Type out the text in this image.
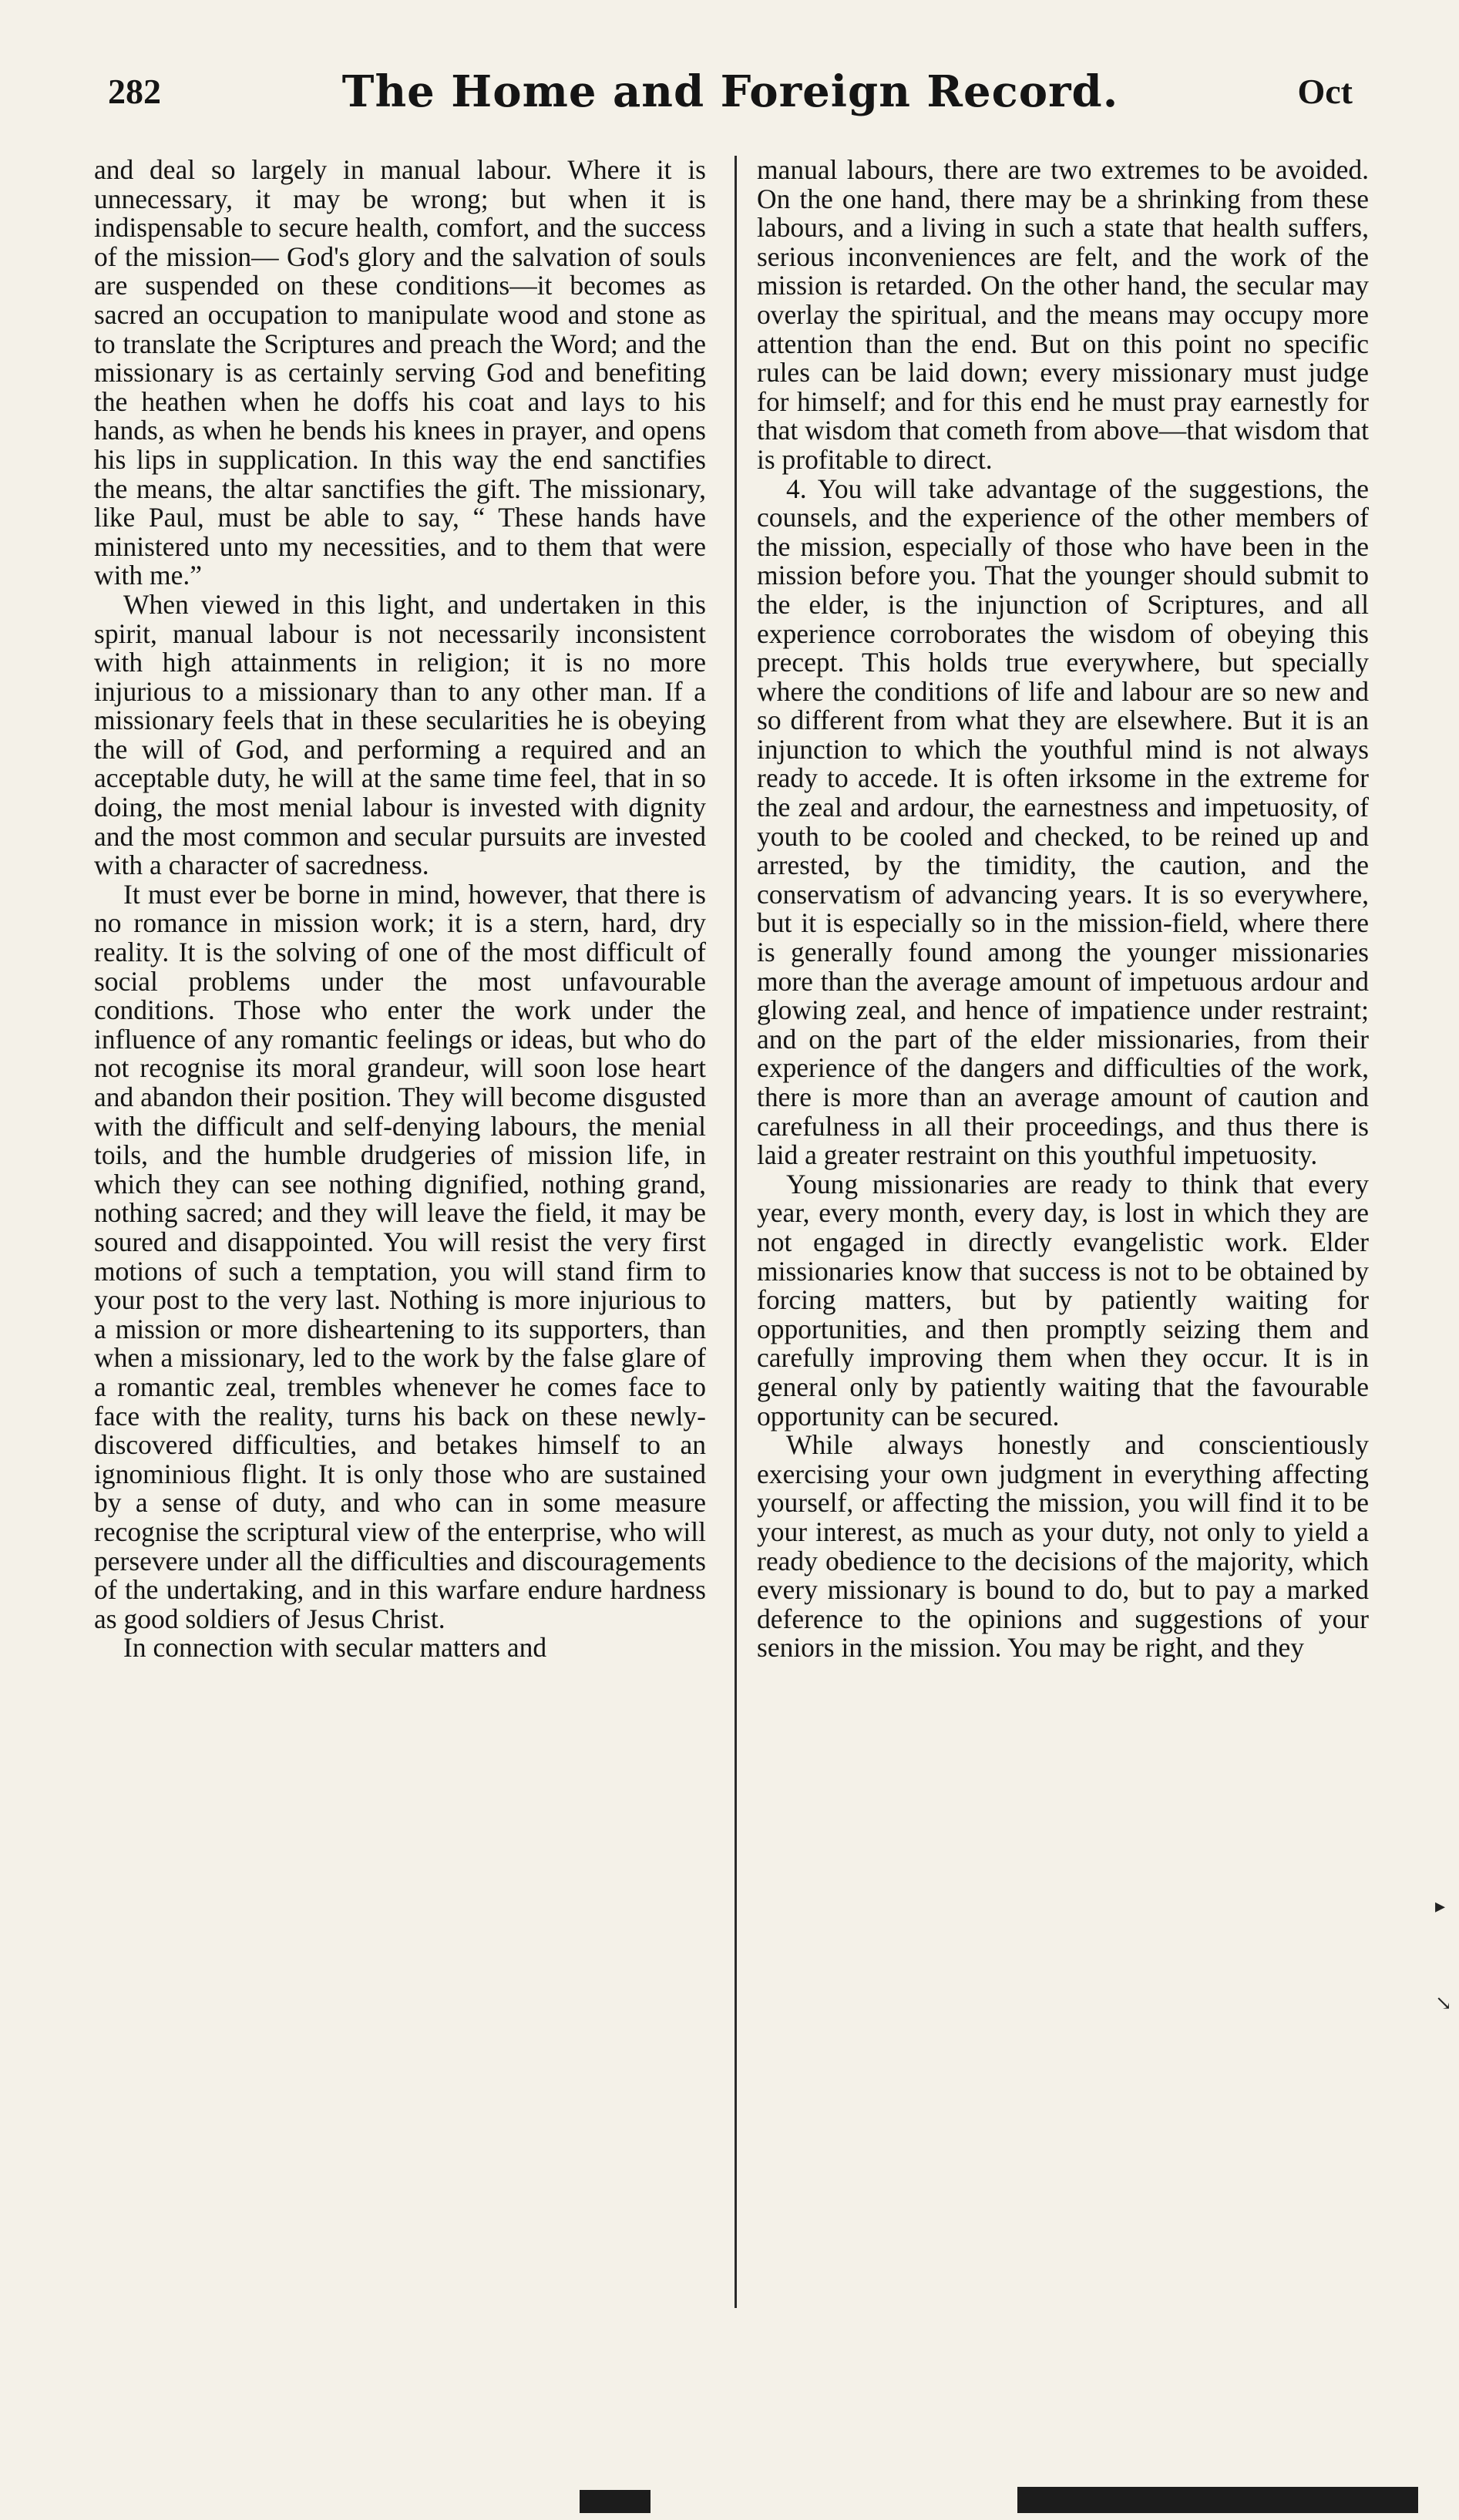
282	The Home and Foreign Record.	Oct

and deal so largely in manual labour. Where it is unnecessary, it may be wrong; but when it is indispensable to secure health, comfort, and the success of the mission— God's glory and the salvation of souls are suspended on these conditions—it becomes as sacred an occupation to manipulate wood and stone as to translate the Scriptures and preach the Word; and the missionary is as certainly serving God and benefiting the heathen when he doffs his coat and lays to his hands, as when he bends his knees in prayer, and opens his lips in supplication. In this way the end sanctifies the means, the altar sanctifies the gift. The missionary, like Paul, must be able to say, “ These hands have ministered unto my necessities, and to them that were with me.”

When viewed in this light, and undertaken in this spirit, manual labour is not necessarily inconsistent with high attainments in religion; it is no more injurious to a missionary than to any other man. If a missionary feels that in these secularities he is obeying the will of God, and performing a required and an acceptable duty, he will at the same time feel, that in so doing, the most menial labour is invested with dignity and the most common and secular pursuits are invested with a character of sacredness.

It must ever be borne in mind, however, that there is no romance in mission work; it is a stern, hard, dry reality. It is the solving of one of the most difficult of social problems under the most unfavourable conditions. Those who enter the work under the influence of any romantic feelings or ideas, but who do not recognise its moral grandeur, will soon lose heart and abandon their position. They will become disgusted with the difficult and self-denying labours, the menial toils, and the humble drudgeries of mission life, in which they can see nothing dignified, nothing grand, nothing sacred; and they will leave the field, it may be soured and disappointed. You will resist the very first motions of such a temptation, you will stand firm to your post to the very last. Nothing is more injurious to a mission or more disheartening to its supporters, than when a missionary, led to the work by the false glare of a romantic zeal, trembles whenever he comes face to face with the reality, turns his back on these newly-discovered difficulties, and betakes himself to an ignominious flight. It is only those who are sustained by a sense of duty, and who can in some measure recognise the scriptural view of the enterprise, who will persevere under all the difficulties and discouragements of the undertaking, and in this warfare endure hardness as good soldiers of Jesus Christ.

In connection with secular matters and

manual labours, there are two extremes to be avoided. On the one hand, there may be a shrinking from these labours, and a living in such a state that health suffers, serious inconveniences are felt, and the work of the mission is retarded. On the other hand, the secular may overlay the spiritual, and the means may occupy more attention than the end. But on this point no specific rules can be laid down; every missionary must judge for himself; and for this end he must pray earnestly for that wisdom that cometh from above—that wisdom that is profitable to direct.

4. You will take advantage of the suggestions, the counsels, and the experience of the other members of the mission, especially of those who have been in the mission before you. That the younger should submit to the elder, is the injunction of Scriptures, and all experience corroborates the wisdom of obeying this precept. This holds true everywhere, but specially where the conditions of life and labour are so new and so different from what they are elsewhere. But it is an injunction to which the youthful mind is not always ready to accede. It is often irksome in the extreme for the zeal and ardour, the earnestness and impetuosity, of youth to be cooled and checked, to be reined up and arrested, by the timidity, the caution, and the conservatism of advancing years. It is so everywhere, but it is especially so in the mission-field, where there is generally found among the younger missionaries more than the average amount of impetuous ardour and glowing zeal, and hence of impatience under restraint; and on the part of the elder missionaries, from their experience of the dangers and difficulties of the work, there is more than an average amount of caution and carefulness in all their proceedings, and thus there is laid a greater restraint on this youthful impetuosity.

Young missionaries are ready to think that every year, every month, every day, is lost in which they are not engaged in directly evangelistic work. Elder missionaries know that success is not to be obtained by forcing matters, but by patiently waiting for opportunities, and then promptly seizing them and carefully improving them when they occur. It is in general only by patiently waiting that the favourable opportunity can be secured.

While always honestly and conscientiously exercising your own judgment in everything affecting yourself, or affecting the mission, you will find it to be your interest, as much as your duty, not only to yield a ready obedience to the decisions of the majority, which every missionary is bound to do, but to pay a marked deference to the opinions and suggestions of your seniors in the mission. You may be right, and they

▸
↘
